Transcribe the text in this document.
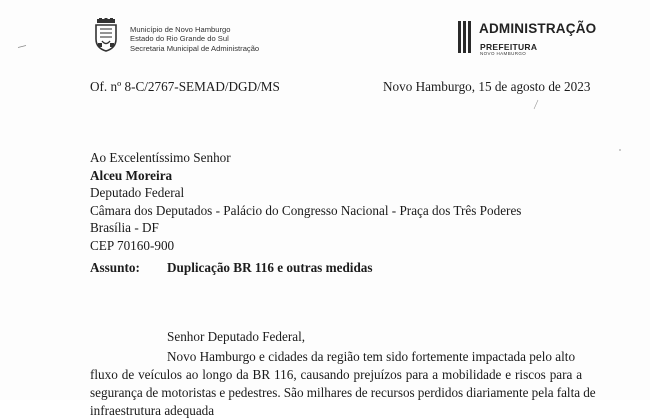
Município de Novo Hamburgo
Estado do Rio Grande do Sul
Secretaria Municipal de Administração
ADMINISTRAÇÃO
PREFEITURA
NOVO HAMBURGO
Of. nº 8-C/2767-SEMAD/DGD/MS	Novo Hamburgo, 15 de agosto de 2023
Ao Excelentíssimo Senhor
Alceu Moreira
Deputado Federal
Câmara dos Deputados - Palácio do Congresso Nacional - Praça dos Três Poderes
Brasília - DF
CEP 70160-900
Assunto: Duplicação BR 116 e outras medidas
Senhor Deputado Federal,
Novo Hamburgo e cidades da região tem sido fortemente impactada pelo alto
fluxo de veículos ao longo da BR 116, causando prejuízos para a mobilidade e riscos para a
segurança de motoristas e pedestres. São milhares de recursos perdidos diariamente pela falta de
infraestrutura adequada
